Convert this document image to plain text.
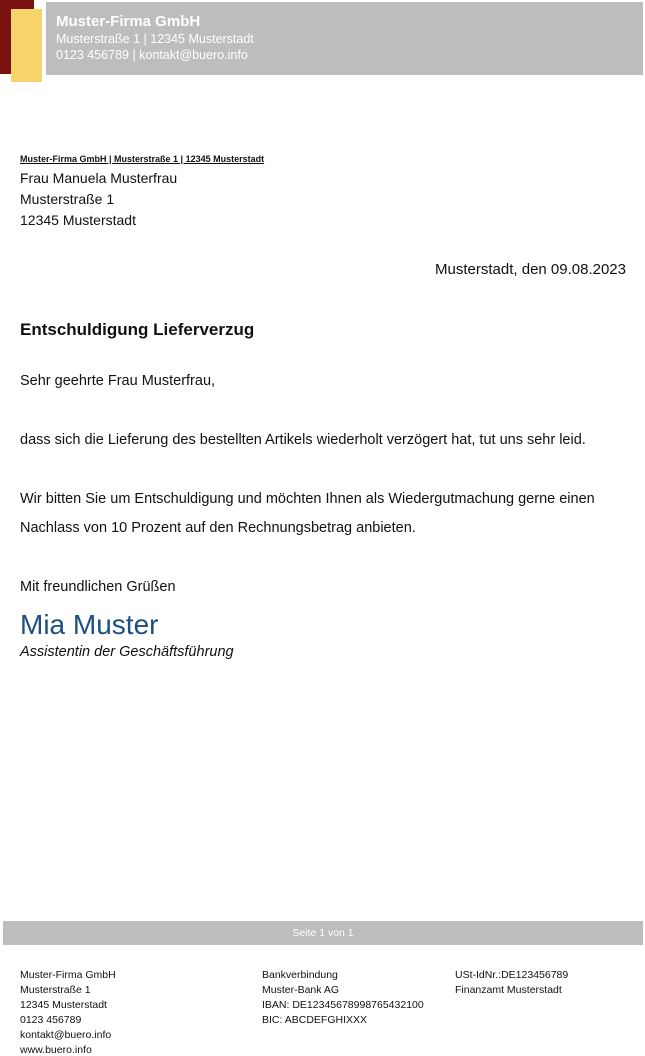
Muster-Firma GmbH
Musterstraße 1 | 12345 Musterstadt
0123 456789 | kontakt@buero.info
Muster-Firma GmbH | Musterstraße 1 | 12345 Musterstadt
Frau Manuela Musterfrau
Musterstraße 1
12345 Musterstadt
Musterstadt, den 09.08.2023
Entschuldigung Lieferverzug
Sehr geehrte Frau Musterfrau,
dass sich die Lieferung des bestellten Artikels wiederholt verzögert hat, tut uns sehr leid.
Wir bitten Sie um Entschuldigung und möchten Ihnen als Wiedergutmachung gerne einen Nachlass von 10 Prozent auf den Rechnungsbetrag anbieten.
Mit freundlichen Grüßen
Mia Muster
Assistentin der Geschäftsführung
Seite 1 von 1
Muster-Firma GmbH
Musterstraße 1
12345 Musterstadt
0123 456789
kontakt@buero.info
www.buero.info
Bankverbindung
Muster-Bank AG
IBAN: DE12345678998765432100
BIC: ABCDEFGHIXXX
USt-IdNr.:DE123456789
Finanzamt Musterstadt
